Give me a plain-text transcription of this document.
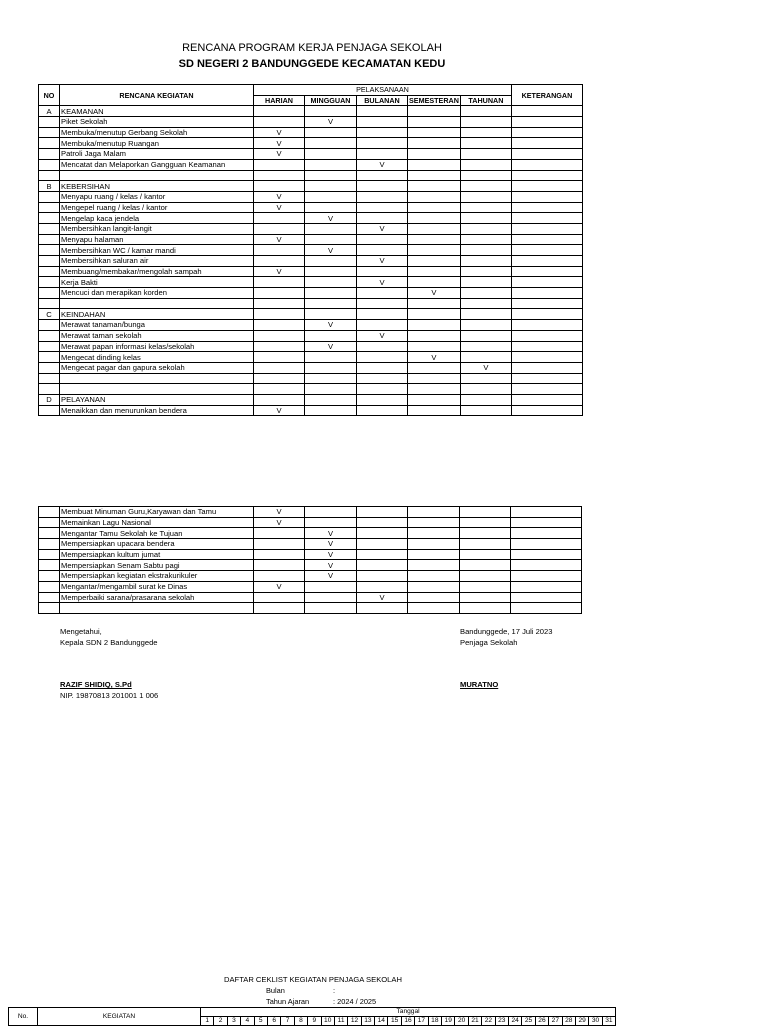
RENCANA PROGRAM KERJA PENJAGA SEKOLAH
SD NEGERI 2 BANDUNGGEDE KECAMATAN KEDU
NO	RENCANA KEGIATAN	PELAKSANAAN					KETERANGAN
		HARIAN	MINGGUAN	BULANAN	SEMESTERAN	TAHUNAN	
A	KEAMANAN						
	Piket Sekolah		V				
	Membuka/menutup Gerbang Sekolah	V					
	Membuka/menutup Ruangan	V					
	Patroli Jaga Malam	V					
	Mencatat dan Melaporkan Gangguan Keamanan			V			

B	KEBERSIHAN						
	Menyapu ruang / kelas / kantor	V					
	Mengepel ruang / kelas / kantor	V					
	Mengelap kaca jendela		V				
	Membersihkan langit-langit			V			
	Menyapu halaman	V					
	Membersihkan WC / kamar mandi		V				
	Membersihkan saluran air			V			
	Membuang/membakar/mengolah sampah	V					
	Kerja Bakti			V			
	Mencuci dan merapikan korden				V		

C	KEINDAHAN						
	Merawat tanaman/bunga		V				
	Merawat taman sekolah			V			
	Merawat papan informasi kelas/sekolah		V				
	Mengecat dinding kelas				V		
	Mengecat pagar dan gapura sekolah					V	

D	PELAYANAN						
	Menaikkan dan menurunkan bendera	V					
	Membuat Minuman Guru,Karyawan dan Tamu	V					
	Memainkan Lagu Nasional	V					
	Mengantar Tamu Sekolah ke Tujuan		V				
	Mempersiapkan upacara bendera		V				
	Mempersiapkan kultum jumat		V				
	Mempersiapkan Senam Sabtu pagi		V				
	Mempersiapkan kegiatan ekstrakurikuler		V				
	Mengantar/mengambil surat ke Dinas	V					
	Memperbaiki sarana/prasarana sekolah			V			

Mengetahui,
Kepala SDN 2 Bandunggede
RAZIF SHIDIQ, S.Pd
NIP. 19870813 201001 1 006
Bandunggede, 17 Juli 2023
Penjaga Sekolah
MURATNO
DAFTAR CEKLIST KEGIATAN PENJAGA SEKOLAH
Bulan	:
Tahun Ajaran	: 2024 / 2025
No.	KEGIATAN	Tanggal																														
		1	2	3	4	5	6	7	8	9	10	11	12	13	14	15	16	17	18	19	20	21	22	23	24	25	26	27	28	29	30	31
